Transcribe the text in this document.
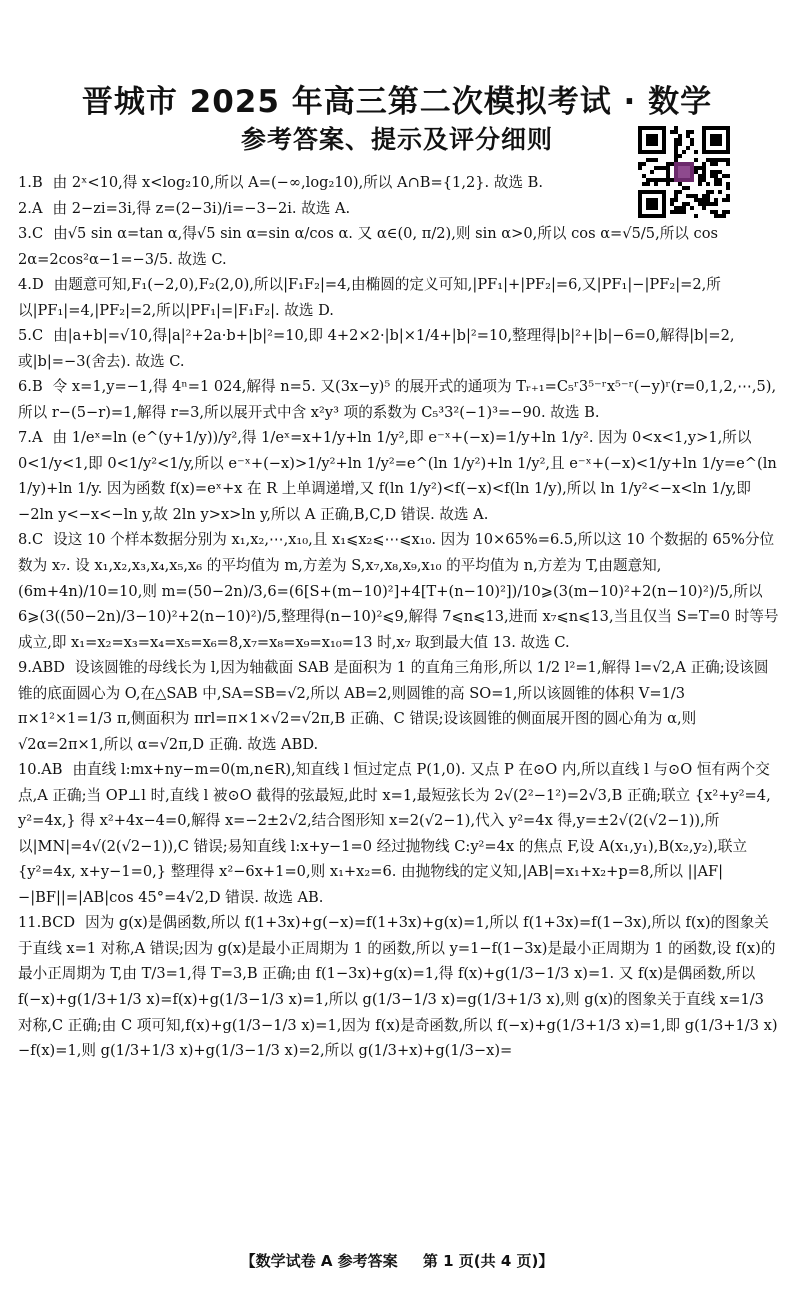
晋城市 2025 年高三第二次模拟考试 · 数学
参考答案、提示及评分细则

1.B 由 2ˣ<10,得 x<log₂10,所以 A=(−∞,log₂10),所以 A∩B={1,2}. 故选 B.

2.A 由 2−zi=3i,得 z=(2−3i)/i=−3−2i. 故选 A.

3.C 由√5 sin α=tan α,得√5 sin α=sin α/cos α. 又 α∈(0, π/2),则 sin α>0,所以 cos α=√5/5,所以 cos 2α=2cos²α−1=−3/5. 故选 C.

4.D 由题意可知,F₁(−2,0),F₂(2,0),所以|F₁F₂|=4,由椭圆的定义可知,|PF₁|+|PF₂|=6,又|PF₁|−|PF₂|=2,所以|PF₁|=4,|PF₂|=2,所以|PF₁|=|F₁F₂|. 故选 D.

5.C 由|a+b|=√10,得|a|²+2a·b+|b|²=10,即 4+2×2·|b|×1/4+|b|²=10,整理得|b|²+|b|−6=0,解得|b|=2,或|b|=−3(舍去). 故选 C.

6.B 令 x=1,y=−1,得 4ⁿ=1 024,解得 n=5. 又(3x−y)⁵ 的展开式的通项为 Tᵣ₊₁=C₅ʳ3⁵⁻ʳx⁵⁻ʳ(−y)ʳ(r=0,1,2,⋯,5),所以 r−(5−r)=1,解得 r=3,所以展开式中含 x²y³ 项的系数为 C₅³3²(−1)³=−90. 故选 B.

7.A 由 1/eˣ=ln (e^(y+1/y))/y²,得 1/eˣ=x+1/y+ln 1/y²,即 e⁻ˣ+(−x)=1/y+ln 1/y². 因为 0<x<1,y>1,所以 0<1/y<1,即 0<1/y²<1/y,所以 e⁻ˣ+(−x)>1/y²+ln 1/y²=e^(ln 1/y²)+ln 1/y²,且 e⁻ˣ+(−x)<1/y+ln 1/y=e^(ln 1/y)+ln 1/y. 因为函数 f(x)=eˣ+x 在 R 上单调递增,又 f(ln 1/y²)<f(−x)<f(ln 1/y),所以 ln 1/y²<−x<ln 1/y,即−2ln y<−x<−ln y,故 2ln y>x>ln y,所以 A 正确,B,C,D 错误. 故选 A.

8.C 设这 10 个样本数据分别为 x₁,x₂,⋯,x₁₀,且 x₁⩽x₂⩽⋯⩽x₁₀. 因为 10×65%=6.5,所以这 10 个数据的 65%分位数为 x₇. 设 x₁,x₂,x₃,x₄,x₅,x₆ 的平均值为 m,方差为 S,x₇,x₈,x₉,x₁₀ 的平均值为 n,方差为 T,由题意知,(6m+4n)/10=10,则 m=(50−2n)/3,6=(6[S+(m−10)²]+4[T+(n−10)²])/10⩾(3(m−10)²+2(n−10)²)/5,所以 6⩾(3((50−2n)/3−10)²+2(n−10)²)/5,整理得(n−10)²⩽9,解得 7⩽n⩽13,进而 x₇⩽n⩽13,当且仅当 S=T=0 时等号成立,即 x₁=x₂=x₃=x₄=x₅=x₆=8,x₇=x₈=x₉=x₁₀=13 时,x₇ 取到最大值 13. 故选 C.

9.ABD 设该圆锥的母线长为 l,因为轴截面 SAB 是面积为 1 的直角三角形,所以 1/2 l²=1,解得 l=√2,A 正确;设该圆锥的底面圆心为 O,在△SAB 中,SA=SB=√2,所以 AB=2,则圆锥的高 SO=1,所以该圆锥的体积 V=1/3 π×1²×1=1/3 π,侧面积为 πrl=π×1×√2=√2π,B 正确、C 错误;设该圆锥的侧面展开图的圆心角为 α,则√2α=2π×1,所以 α=√2π,D 正确. 故选 ABD.

10.AB 由直线 l:mx+ny−m=0(m,n∈R),知直线 l 恒过定点 P(1,0). 又点 P 在⊙O 内,所以直线 l 与⊙O 恒有两个交点,A 正确;当 OP⊥l 时,直线 l 被⊙O 截得的弦最短,此时 x=1,最短弦长为 2√(2²−1²)=2√3,B 正确;联立 {x²+y²=4, y²=4x,} 得 x²+4x−4=0,解得 x=−2±2√2,结合图形知 x=2(√2−1),代入 y²=4x 得,y=±2√(2(√2−1)),所以|MN|=4√(2(√2−1)),C 错误;易知直线 l:x+y−1=0 经过抛物线 C:y²=4x 的焦点 F,设 A(x₁,y₁),B(x₂,y₂),联立 {y²=4x, x+y−1=0,} 整理得 x²−6x+1=0,则 x₁+x₂=6. 由抛物线的定义知,|AB|=x₁+x₂+p=8,所以 ||AF|−|BF||=|AB|cos 45°=4√2,D 错误. 故选 AB.

11.BCD 因为 g(x)是偶函数,所以 f(1+3x)+g(−x)=f(1+3x)+g(x)=1,所以 f(1+3x)=f(1−3x),所以 f(x)的图象关于直线 x=1 对称,A 错误;因为 g(x)是最小正周期为 1 的函数,所以 y=1−f(1−3x)是最小正周期为 1 的函数,设 f(x)的最小正周期为 T,由 T/3=1,得 T=3,B 正确;由 f(1−3x)+g(x)=1,得 f(x)+g(1/3−1/3 x)=1. 又 f(x)是偶函数,所以 f(−x)+g(1/3+1/3 x)=f(x)+g(1/3−1/3 x)=1,所以 g(1/3−1/3 x)=g(1/3+1/3 x),则 g(x)的图象关于直线 x=1/3 对称,C 正确;由 C 项可知,f(x)+g(1/3−1/3 x)=1,因为 f(x)是奇函数,所以 f(−x)+g(1/3+1/3 x)=1,即 g(1/3+1/3 x)−f(x)=1,则 g(1/3+1/3 x)+g(1/3−1/3 x)=2,所以 g(1/3+x)+g(1/3−x)=

【数学试卷 A 参考答案 第 1 页(共 4 页)】
